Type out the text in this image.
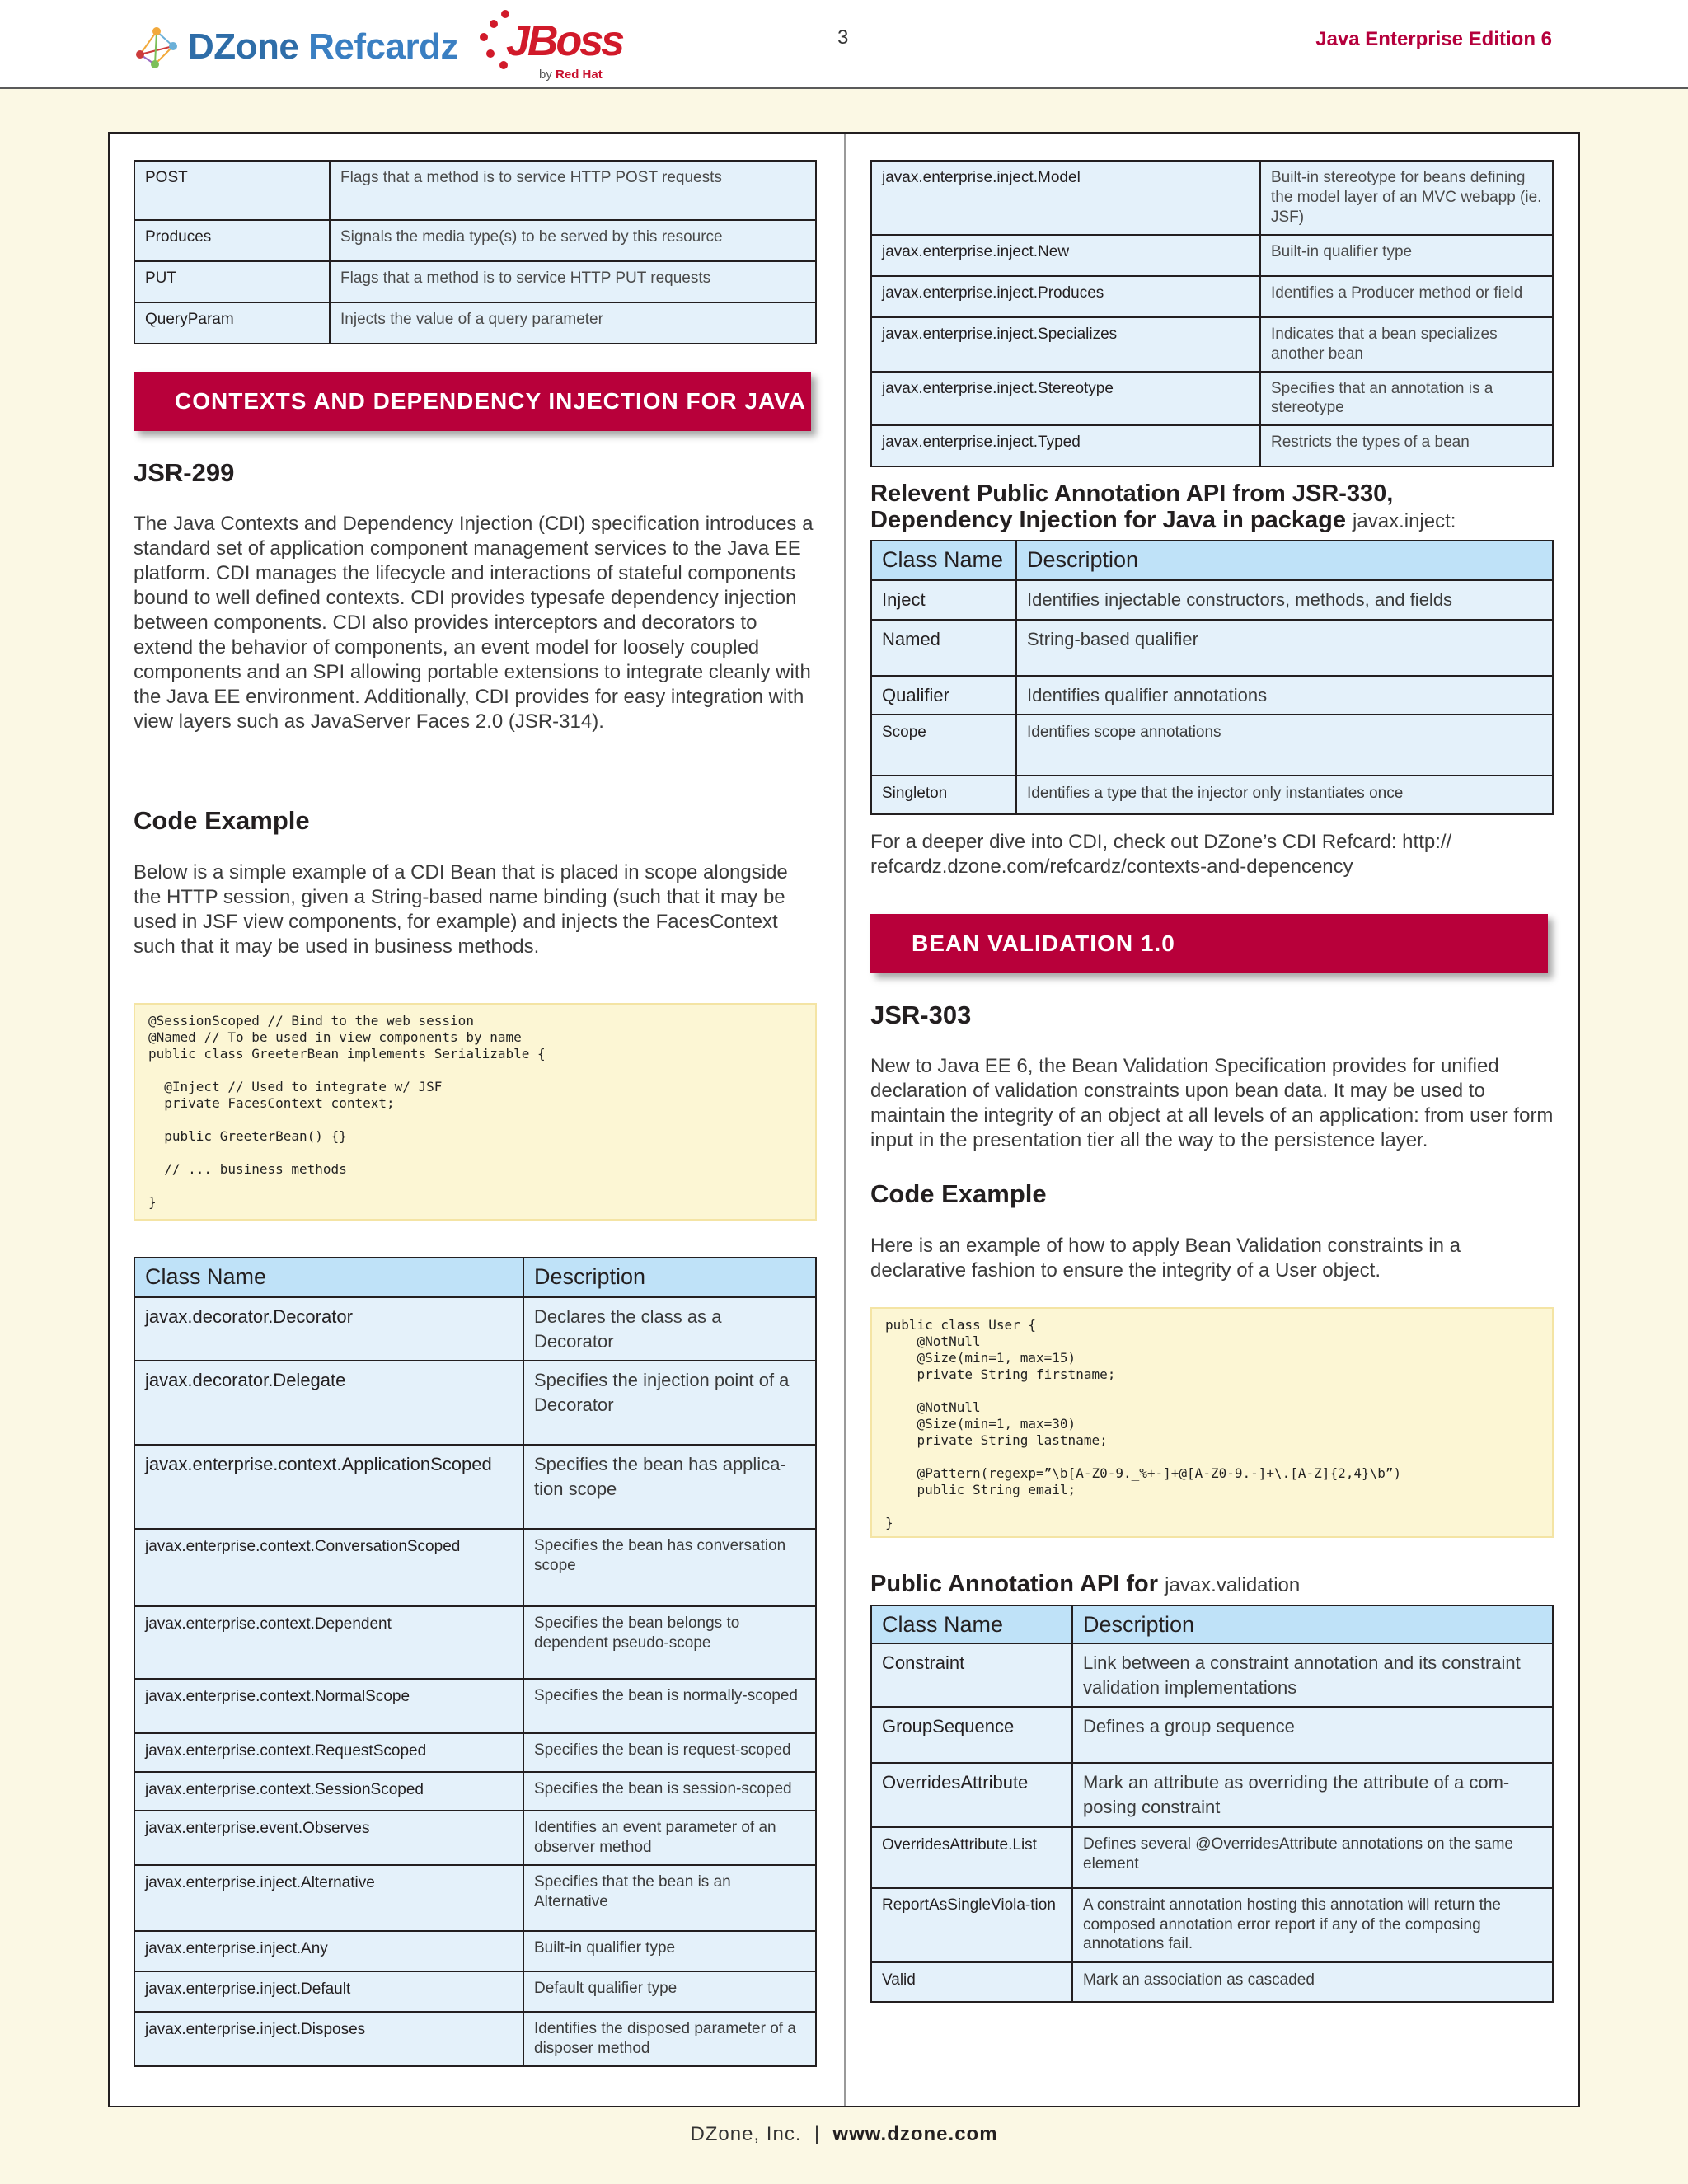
DZone Refcardz JBoss
by Red Hat
3	Java Enterprise Edition 6
POST	Flags that a method is to service HTTP POST requests
Produces	Signals the media type(s) to be served by this resource
PUT	Flags that a method is to service HTTP PUT requests
QueryParam	Injects the value of a query parameter
CONTEXTS AND DEPENDENCY INJECTION FOR JAVA
JSR-299

The Java Contexts and Dependency Injection (CDI) specification introduces a standard set of application component management services to the Java EE platform. CDI manages the lifecycle and interactions of stateful components bound to well defined contexts. CDI provides typesafe dependency injection between components. CDI also provides interceptors and decorators to extend the behavior of components, an event model for loosely coupled components and an SPI allowing portable extensions to integrate cleanly with the Java EE environment. Additionally, CDI provides for easy integration with view layers such as JavaServer Faces 2.0 (JSR-314).

Code Example

Below is a simple example of a CDI Bean that is placed in scope alongside the HTTP session, given a String-based name binding (such that it may be used in JSF view components, for example) and injects the FacesContext such that it may be used in business methods.

@SessionScoped // Bind to the web session
@Named // To be used in view components by name
public class GreeterBean implements Serializable {

@Inject // Used to integrate w/ JSF
private FacesContext context;

public GreeterBean() {}

// ... business methods

}
Class Name	Description
javax.decorator.Decorator	Declares the class as a Decorator
javax.decorator.Delegate	Specifies the injection point of a Decorator
javax.enterprise.context.ApplicationScoped	Specifies the bean has applica-tion scope
javax.enterprise.context.ConversationScoped	Specifies the bean has conversation scope
javax.enterprise.context.Dependent	Specifies the bean belongs to dependent pseudo-scope
javax.enterprise.context.NormalScope	Specifies the bean is normally-scoped
javax.enterprise.context.RequestScoped	Specifies the bean is request-scoped
javax.enterprise.context.SessionScoped	Specifies the bean is session-scoped
javax.enterprise.event.Observes	Identifies an event parameter of an observer method
javax.enterprise.inject.Alternative	Specifies that the bean is an Alternative
javax.enterprise.inject.Any	Built-in qualifier type
javax.enterprise.inject.Default	Default qualifier type
javax.enterprise.inject.Disposes	Identifies the disposed parameter of a disposer method
javax.enterprise.inject.Model	Built-in stereotype for beans defining the model layer of an MVC webapp (ie. JSF)
javax.enterprise.inject.New	Built-in qualifier type
javax.enterprise.inject.Produces	Identifies a Producer method or field
javax.enterprise.inject.Specializes	Indicates that a bean specializes another bean
javax.enterprise.inject.Stereotype	Specifies that an annotation is a stereotype
javax.enterprise.inject.Typed	Restricts the types of a bean
Relevent Public Annotation API from JSR-330,
Dependency Injection for Java in package javax.inject:
Class Name	Description
Inject	Identifies injectable constructors, methods, and fields
Named	String-based qualifier
Qualifier	Identifies qualifier annotations
Scope	Identifies scope annotations
Singleton	Identifies a type that the injector only instantiates once

For a deeper dive into CDI, check out DZone’s CDI Refcard: http:// refcardz.dzone.com/refcardz/contexts-and-depencency

BEAN VALIDATION 1.0
JSR-303

New to Java EE 6, the Bean Validation Specification provides for unified declaration of validation constraints upon bean data. It may be used to maintain the integrity of an object at all levels of an application: from user form input in the presentation tier all the way to the persistence layer.

Code Example

Here is an example of how to apply Bean Validation constraints in a declarative fashion to ensure the integrity of a User object.

public class User {
@NotNull
@Size(min=1, max=15)
private String firstname;

@NotNull
@Size(min=1, max=30)
private String lastname;

@Pattern(regexp=”\b[A-Z0-9._%+-]+@[A-Z0-9.-]+\.[A-Z]{2,4}\b”)
public String email;

}
Public Annotation API for javax.validation
Class Name	Description
Constraint	Link between a constraint annotation and its constraint validation implementations
GroupSequence	Defines a group sequence
OverridesAttribute	Mark an attribute as overriding the attribute of a com-posing constraint
OverridesAttribute.List	Defines several @OverridesAttribute annotations on the same element
ReportAsSingleViola-tion	A constraint annotation hosting this annotation will return the composed annotation error report if any of the composing annotations fail.
Valid	Mark an association as cascaded
DZone, Inc. | www.dzone.com
